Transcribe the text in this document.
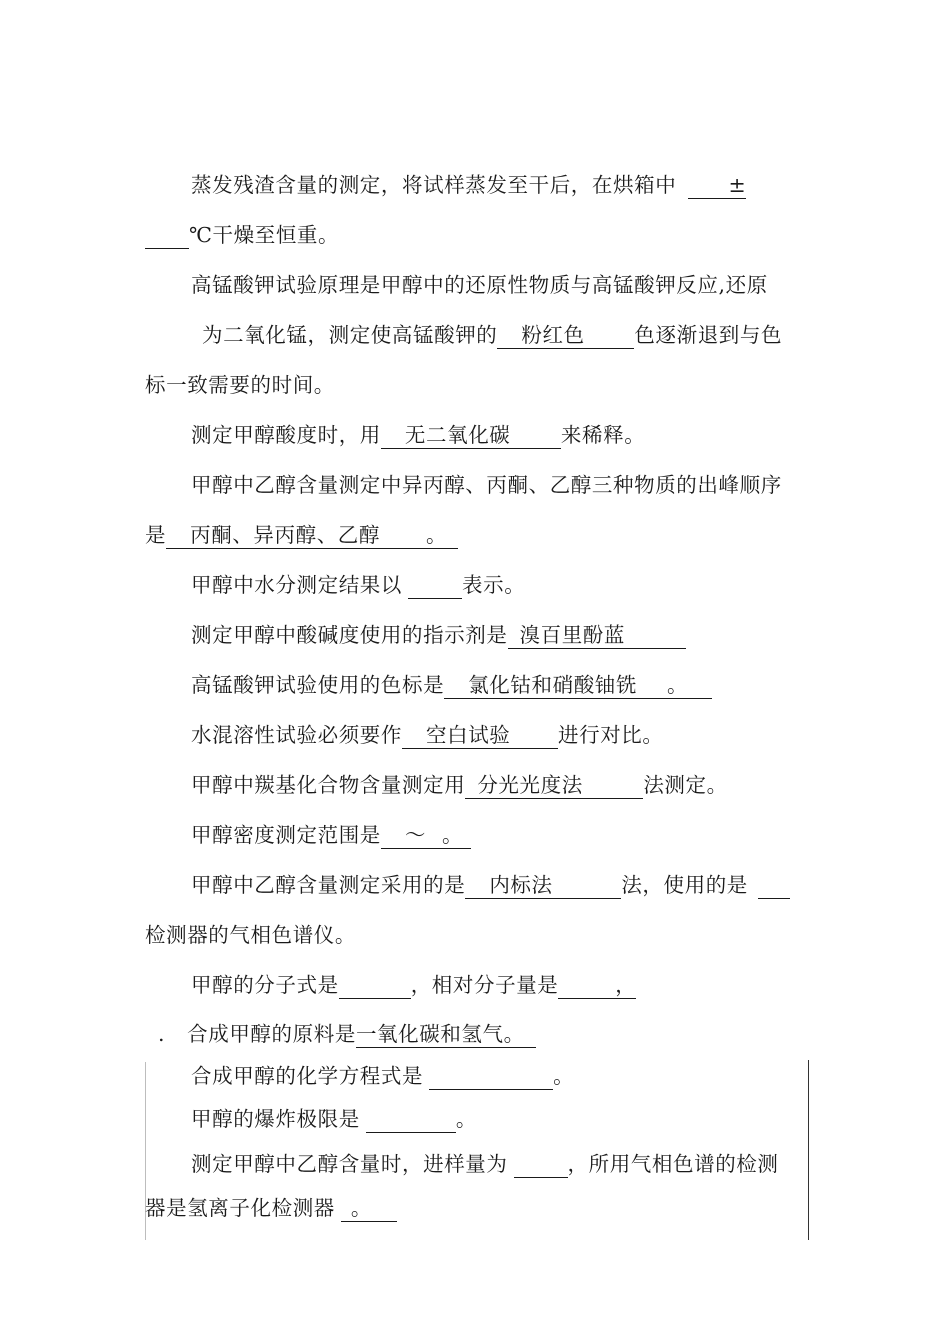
蒸发残渣含量的测定，将试样蒸发至干后，在烘箱中	±
℃干燥至恒重。
高锰酸钾试验原理是甲醇中的还原性物质与高锰酸钾反应,还原
为二氧化锰，测定使高锰酸钾的 粉红色 色逐渐退到与色
标一致需要的时间。
测定甲醇酸度时，用 无二氧化碳 来稀释。
甲醇中乙醇含量测定中异丙醇、丙酮、乙醇三种物质的出峰顺序
是 丙酮、异丙醇、乙醇 。
甲醇中水分测定结果以	表示。
测定甲醇中酸碱度使用的指示剂是 溴百里酚蓝
高锰酸钾试验使用的色标是 氯化钴和硝酸铀铣 。
水混溶性试验必须要作 空白试验 进行对比。
甲醇中羰基化合物含量测定用 分光光度法	法测定。
甲醇密度测定范围是 ～ 。
甲醇中乙醇含量测定采用的是 内标法	法，使用的是
检测器的气相色谱仪。
甲醇的分子式是	，相对分子量是	，
. 合成甲醇的原料是一氧化碳和氢气。
合成甲醇的化学方程式是	。
甲醇的爆炸极限是	。
测定甲醇中乙醇含量时，进样量为	，所用气相色谱的检测
器是氢离子化检测器 。
